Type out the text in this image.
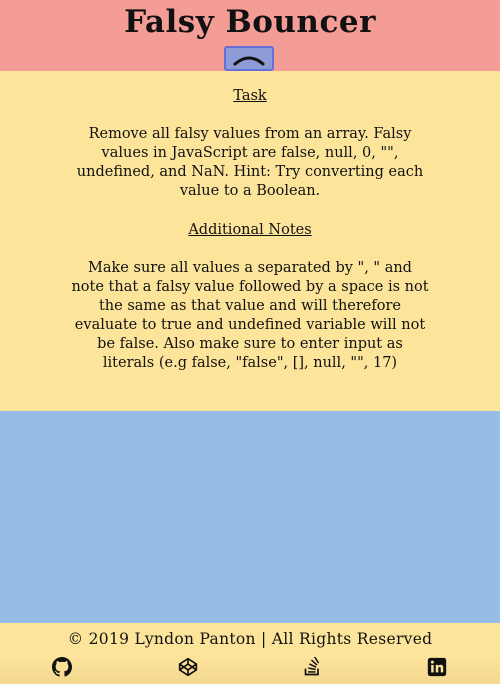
Falsy Bouncer
Task

Remove all falsy values from an array. Falsy values in JavaScript are false, null, 0, "", undefined, and NaN. Hint: Try converting each value to a Boolean.

Additional Notes

Make sure all values a separated by ", " and note that a falsy value followed by a space is not the same as that value and will therefore evaluate to true and undefined variable will not be false. Also make sure to enter input as literals (e.g false, "false", [], null, "", 17)

© 2019 Lyndon Panton | All Rights Reserved
